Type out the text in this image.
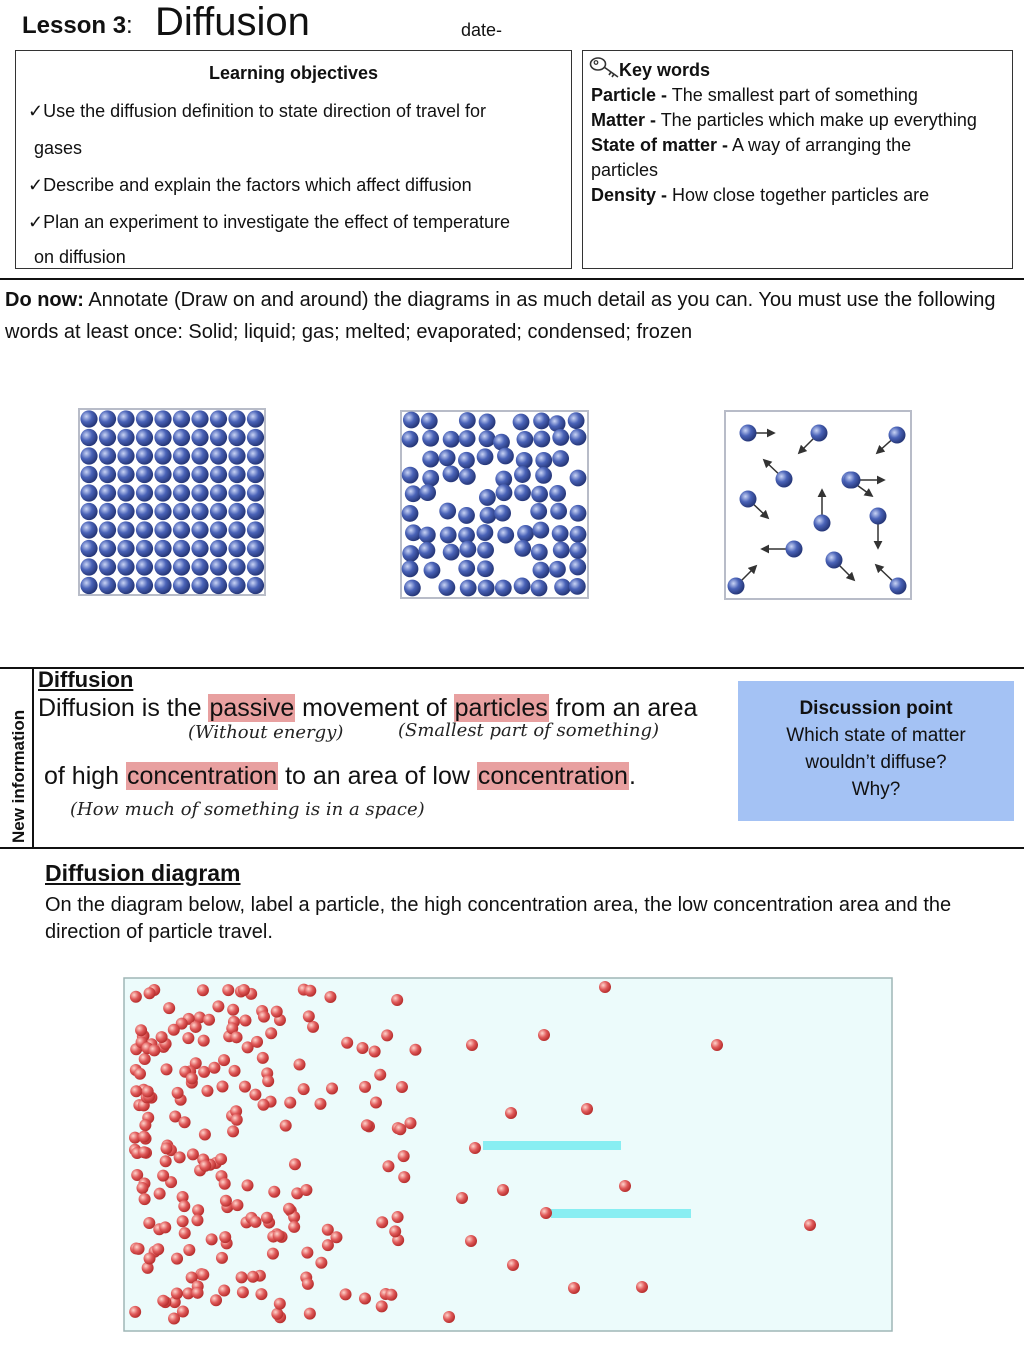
Lesson 3: Diffusion	date-
Learning objectives
✓Use the diffusion definition to state direction of travel for
gases
✓Describe and explain the factors which affect diffusion
✓Plan an experiment to investigate the effect of temperature
on diffusion

Key words

Particle - The smallest part of something

Matter - The particles which make up everything

State of matter - A way of arranging the particles

Density - How close together particles are

Do now: Annotate (Draw on and around) the diagrams in as much detail as you can. You must use the following words at least once: Solid; liquid; gas; melted; evaporated; condensed; frozen
New information
Diffusion
Diffusion is the passive movement of particles from an area
(Without energy)	(Smallest part of something)
of high concentration to an area of low concentration.
(How much of something is in a space)
Discussion point
Which state of matter
wouldn’t diffuse?
Why?
Diffusion diagram
On the diagram below, label a particle, the high concentration area, the low concentration area and the direction of particle travel.
